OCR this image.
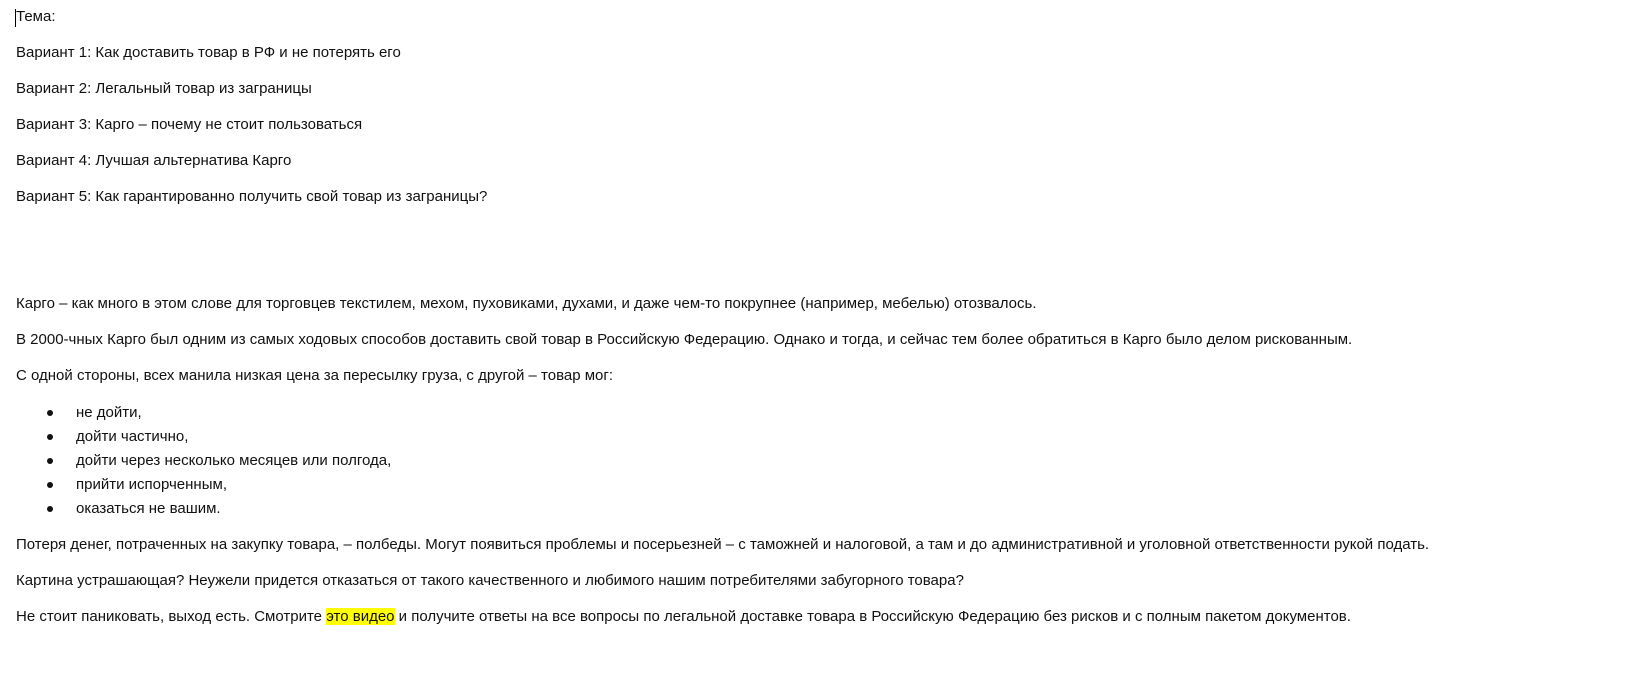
Тема:
Вариант 1: Как доставить товар в РФ и не потерять его
Вариант 2: Легальный товар из заграницы
Вариант 3: Карго – почему не стоит пользоваться
Вариант 4: Лучшая альтернатива Карго
Вариант 5: Как гарантированно получить свой товар из заграницы?
Карго – как много в этом слове для торговцев текстилем, мехом, пуховиками, духами, и даже чем-то покрупнее (например, мебелью) отозвалось.
В 2000-чных Карго был одним из самых ходовых способов доставить свой товар в Российскую Федерацию. Однако и тогда, и сейчас тем более обратиться в Карго было делом рискованным.
С одной стороны, всех манила низкая цена за пересылку груза, с другой – товар мог:
не дойти,
дойти частично,
дойти через несколько месяцев или полгода,
прийти испорченным,
оказаться не вашим.
Потеря денег, потраченных на закупку товара, – полбеды. Могут появиться проблемы и посерьезней – с таможней и налоговой, а там и до административной и уголовной ответственности рукой подать.
Картина устрашающая? Неужели придется отказаться от такого качественного и любимого нашим потребителями забугорного товара?
Не стоит паниковать, выход есть. Смотрите это видео и получите ответы на все вопросы по легальной доставке товара в Российскую Федерацию без рисков и с полным пакетом документов.
